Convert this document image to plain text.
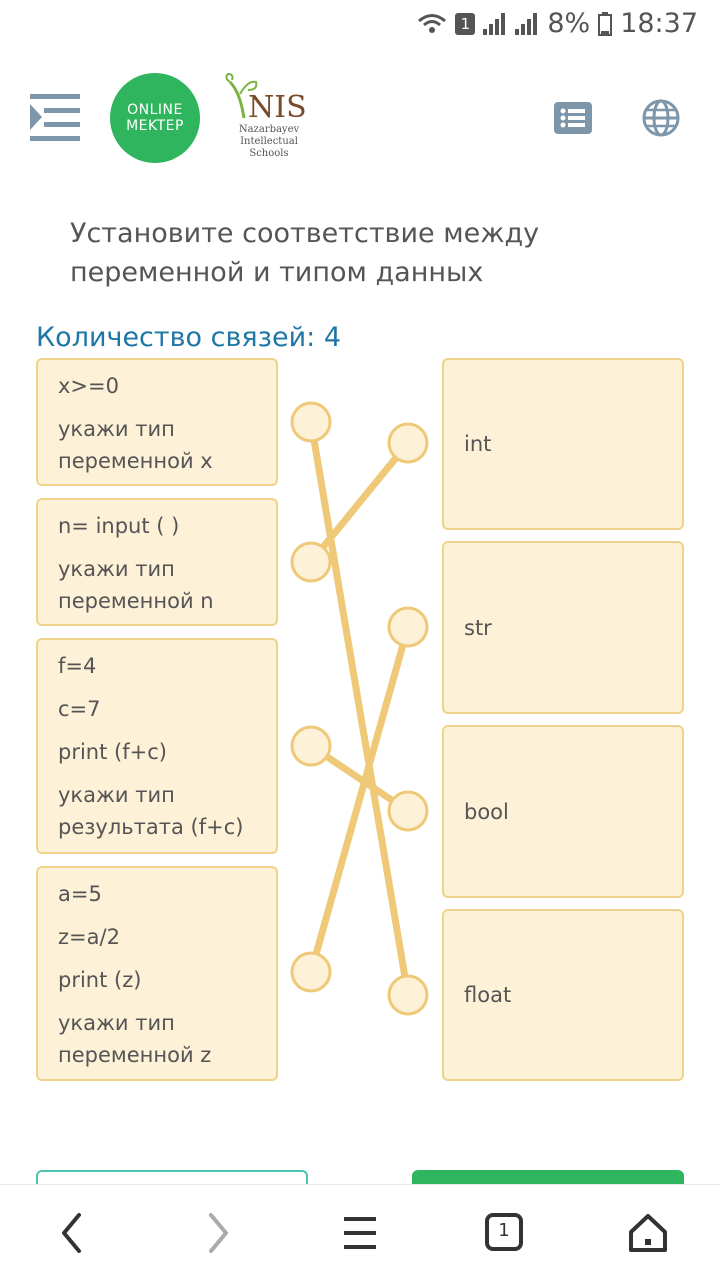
1	8% 18:37
ONLINE
MEKTEP
NIS
Nazarbayev
Intellectual
Schools
Установите соответствие между переменной и типом данных
Количество связей: 4
x>=0
укажи тип переменной x
n= input ( )
укажи тип переменной n
f=4
c=7
print (f+c)
укажи тип результата (f+c)
a=5
z=a/2
print (z)
укажи тип переменной z
int
str
bool
float
1
